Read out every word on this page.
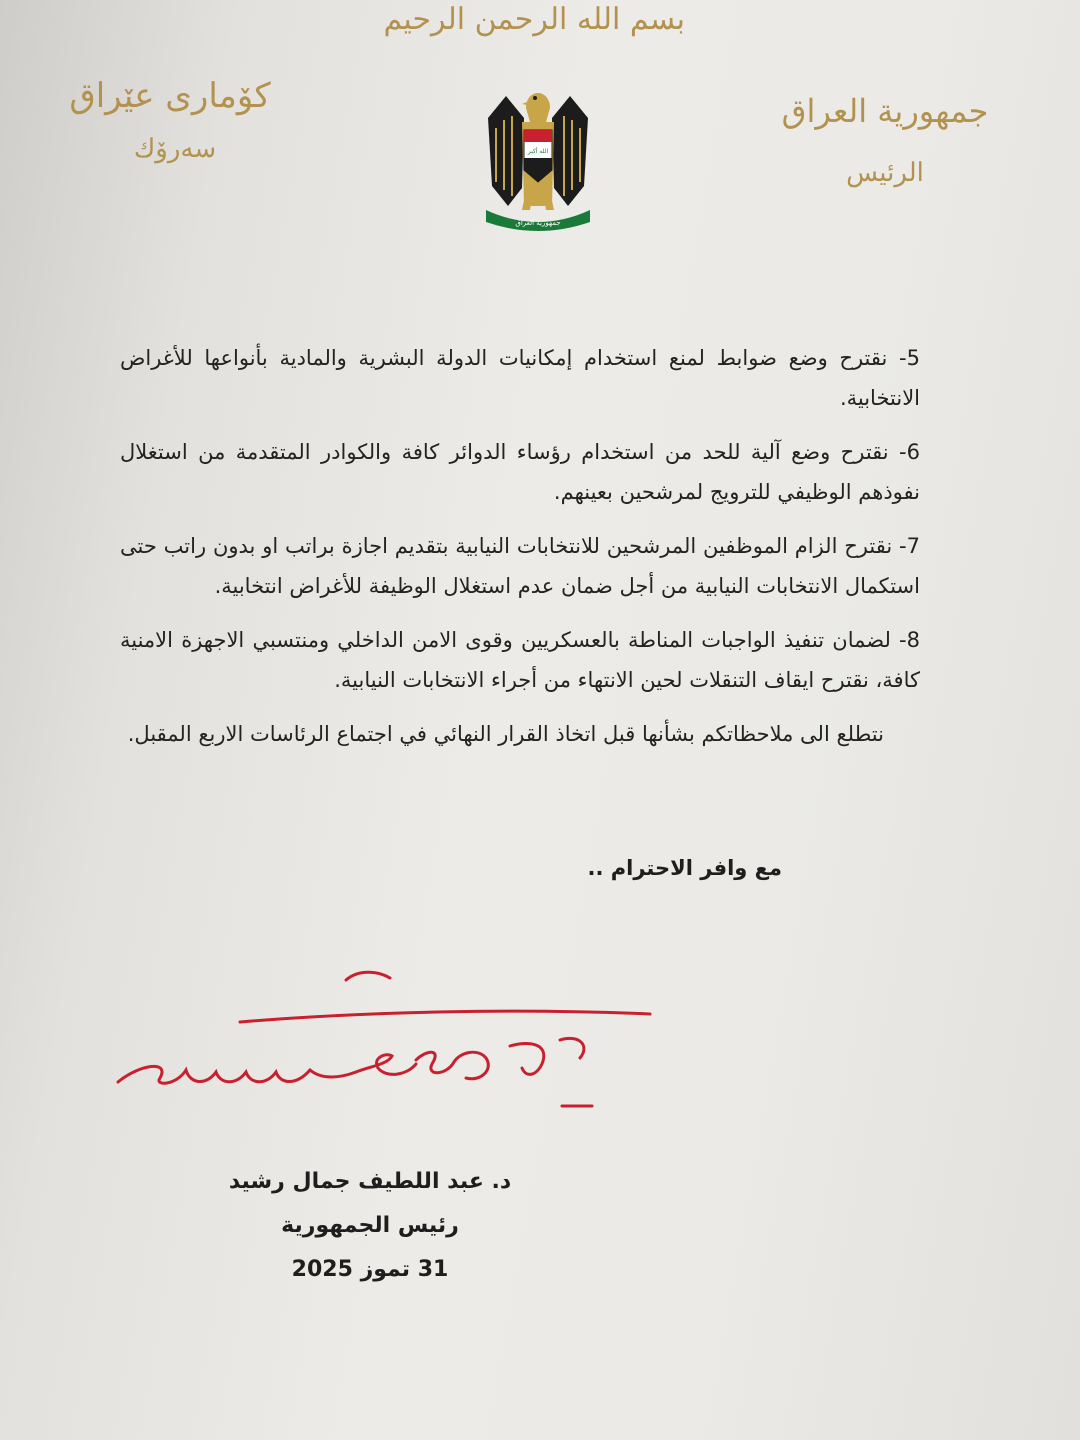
بسم الله الرحمن الرحيم
كۆماری عێراق
سەرۆك
جمهورية العراق
الرئيس
الله أكبر
جمهورية العراق

5- نقترح وضع ضوابط لمنع استخدام إمكانيات الدولة البشرية والمادية بأنواعها للأغراض الانتخابية.

6- نقترح وضع آلية للحد من استخدام رؤساء الدوائر كافة والكوادر المتقدمة من استغلال نفوذهم الوظيفي للترويج لمرشحين بعينهم.

7- نقترح الزام الموظفين المرشحين للانتخابات النيابية بتقديم اجازة براتب او بدون راتب حتى استكمال الانتخابات النيابية من أجل ضمان عدم استغلال الوظيفة للأغراض انتخابية.

8- لضمان تنفيذ الواجبات المناطة بالعسكريين وقوى الامن الداخلي ومنتسبي الاجهزة الامنية كافة، نقترح ايقاف التنقلات لحين الانتهاء من أجراء الانتخابات النيابية.

نتطلع الى ملاحظاتكم بشأنها قبل اتخاذ القرار النهائي في اجتماع الرئاسات الاربع المقبل.

مع وافر الاحترام ..
د. عبد اللطيف جمال رشيد
رئيس الجمهورية
31 تموز 2025
